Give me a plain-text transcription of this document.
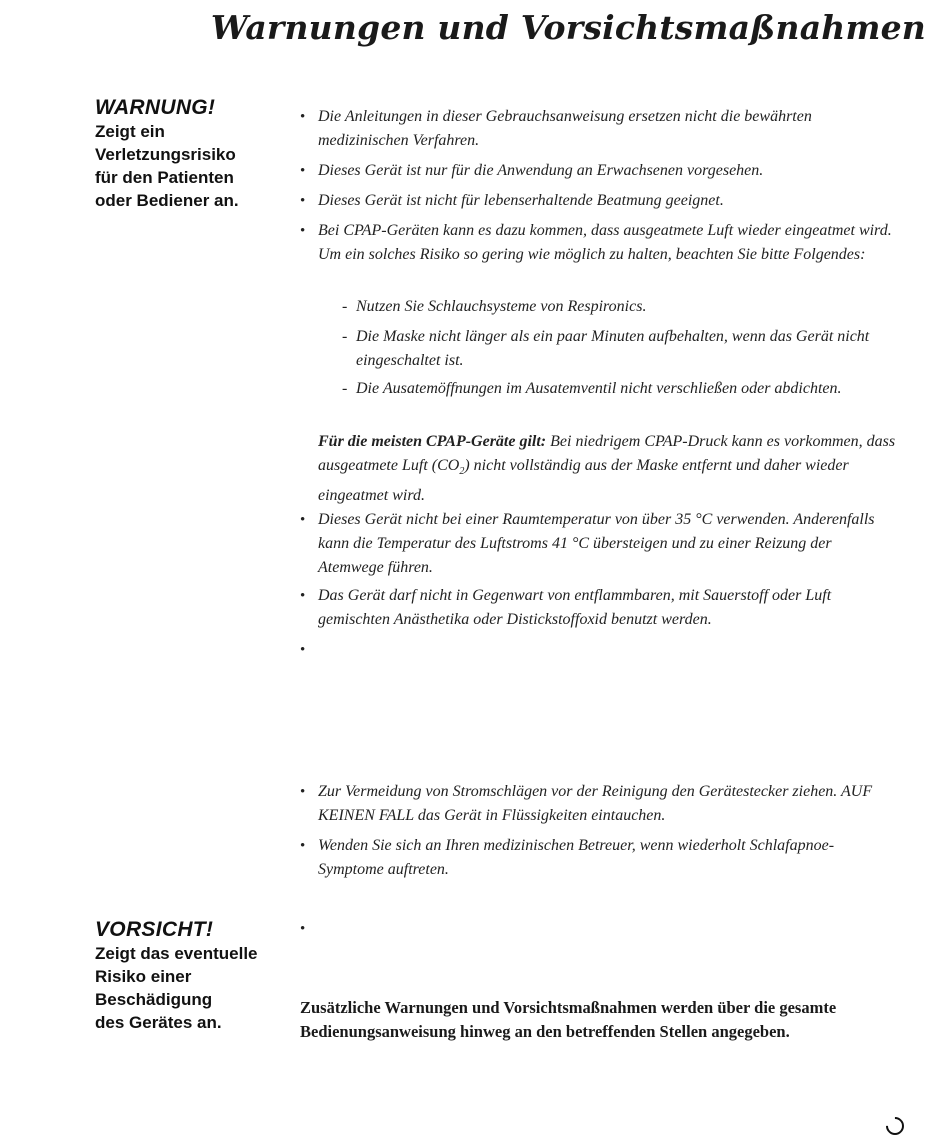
Warnungen und Vorsichtsmaßnahmen
WARNUNG!
Zeigt ein
Verletzungsrisiko
für den Patienten
oder Bediener an.
• Die Anleitungen in dieser Gebrauchsanweisung ersetzen nicht die bewährten medizinischen Verfahren.
• Dieses Gerät ist nur für die Anwendung an Erwachsenen vorgesehen.
• Dieses Gerät ist nicht für lebenserhaltende Beatmung geeignet.
• Bei CPAP-Geräten kann es dazu kommen, dass ausgeatmete Luft wieder eingeatmet wird. Um ein solches Risiko so gering wie möglich zu halten, beachten Sie bitte Folgendes:
- Nutzen Sie Schlauchsysteme von Respironics.
- Die Maske nicht länger als ein paar Minuten aufbehalten, wenn das Gerät nicht eingeschaltet ist.
- Die Ausatemöffnungen im Ausatemventil nicht verschließen oder abdichten.
Für die meisten CPAP-Geräte gilt: Bei niedrigem CPAP-Druck kann es vorkommen, dass ausgeatmete Luft $(CO_2)$ nicht vollständig aus der Maske entfernt und daher wieder eingeatmet wird.
• Dieses Gerät nicht bei einer Raumtemperatur von über 35 °C verwenden. Anderenfalls kann die Temperatur des Luftstroms 41 °C übersteigen und zu einer Reizung der Atemwege führen.
• Das Gerät darf nicht in Gegenwart von entflammbaren, mit Sauerstoff oder Luft gemischten Anästhetika oder Distickstoffoxid benutzt werden.
•
• Zur Vermeidung von Stromschlägen vor der Reinigung den Gerätestecker ziehen. AUF KEINEN FALL das Gerät in Flüssigkeiten eintauchen.
• Wenden Sie sich an Ihren medizinischen Betreuer, wenn wiederholt Schlafapnoe-Symptome auftreten.
VORSICHT!
Zeigt das eventuelle
Risiko einer
Beschädigung
des Gerätes an.
•
Zusätzliche Warnungen und Vorsichtsmaßnahmen werden über die gesamte Bedienungsanweisung hinweg an den betreffenden Stellen angegeben.
